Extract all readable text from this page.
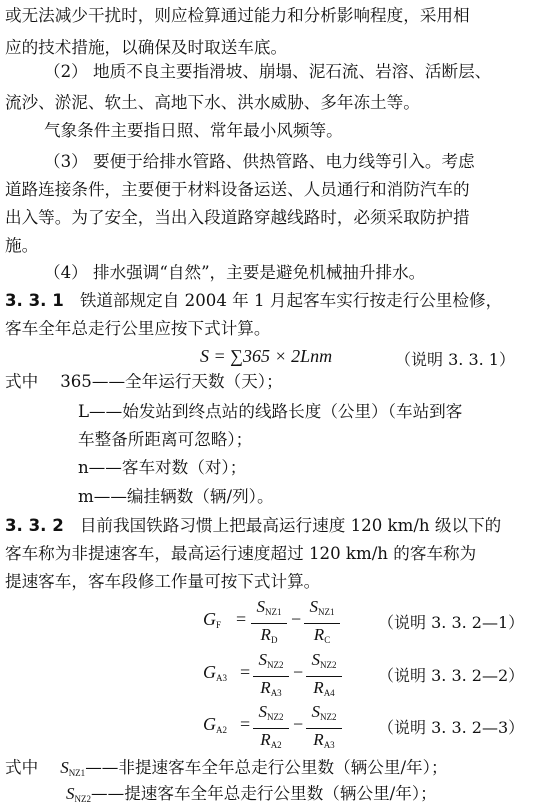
或无法减少干扰时，则应检算通过能力和分析影响程度，采用相
应的技术措施，以确保及时取送车底。
（2） 地质不良主要指滑坡、崩塌、泥石流、岩溶、活断层、
流沙、淤泥、软土、高地下水、洪水威胁、多年冻土等。
气象条件主要指日照、常年最小风频等。
（3） 要便于给排水管路、供热管路、电力线等引入。考虑
道路连接条件，主要便于材料设备运送、人员通行和消防汽车的
出入等。为了安全，当出入段道路穿越线路时，必须采取防护措
施。
（4） 排水强调“自然”，主要是避免机械抽升排水。
3. 3. 1 铁道部规定自 2004 年 1 月起客车实行按走行公里检修，
客车全年总走行公里应按下式计算。
S = ∑365 × 2Lnm	（说明 3. 3. 1）
式中 365——全年运行天数（天）；
L——始发站到终点站的线路长度（公里）（车站到客
车整备所距离可忽略）；
n——客车对数（对）；
m——编挂辆数（辆/列）。
3. 3. 2 目前我国铁路习惯上把最高运行速度 120 km/h 级以下的
客车称为非提速客车，最高运行速度超过 120 km/h 的客车称为
提速客车，客车段修工作量可按下式计算。
$G_F$ =
$S_{NZ1}$
$R_D$
−
$S_{NZ1}$
$R_C$
（说明 3. 3. 2—1）
$G_{A3}$ =
$S_{NZ2}$
$R_{A3}$
−
$S_{NZ2}$
$R_{A4}$
（说明 3. 3. 2—2）
$G_{A2}$ =
$S_{NZ2}$
$R_{A2}$
−
$S_{NZ2}$
$R_{A3}$
（说明 3. 3. 2—3）
式中 $S_{NZ1}——$非提速客车全年总走行公里数（辆公里/年）；
$S_{NZ2}——$提速客车全年总走行公里数（辆公里/年）；
